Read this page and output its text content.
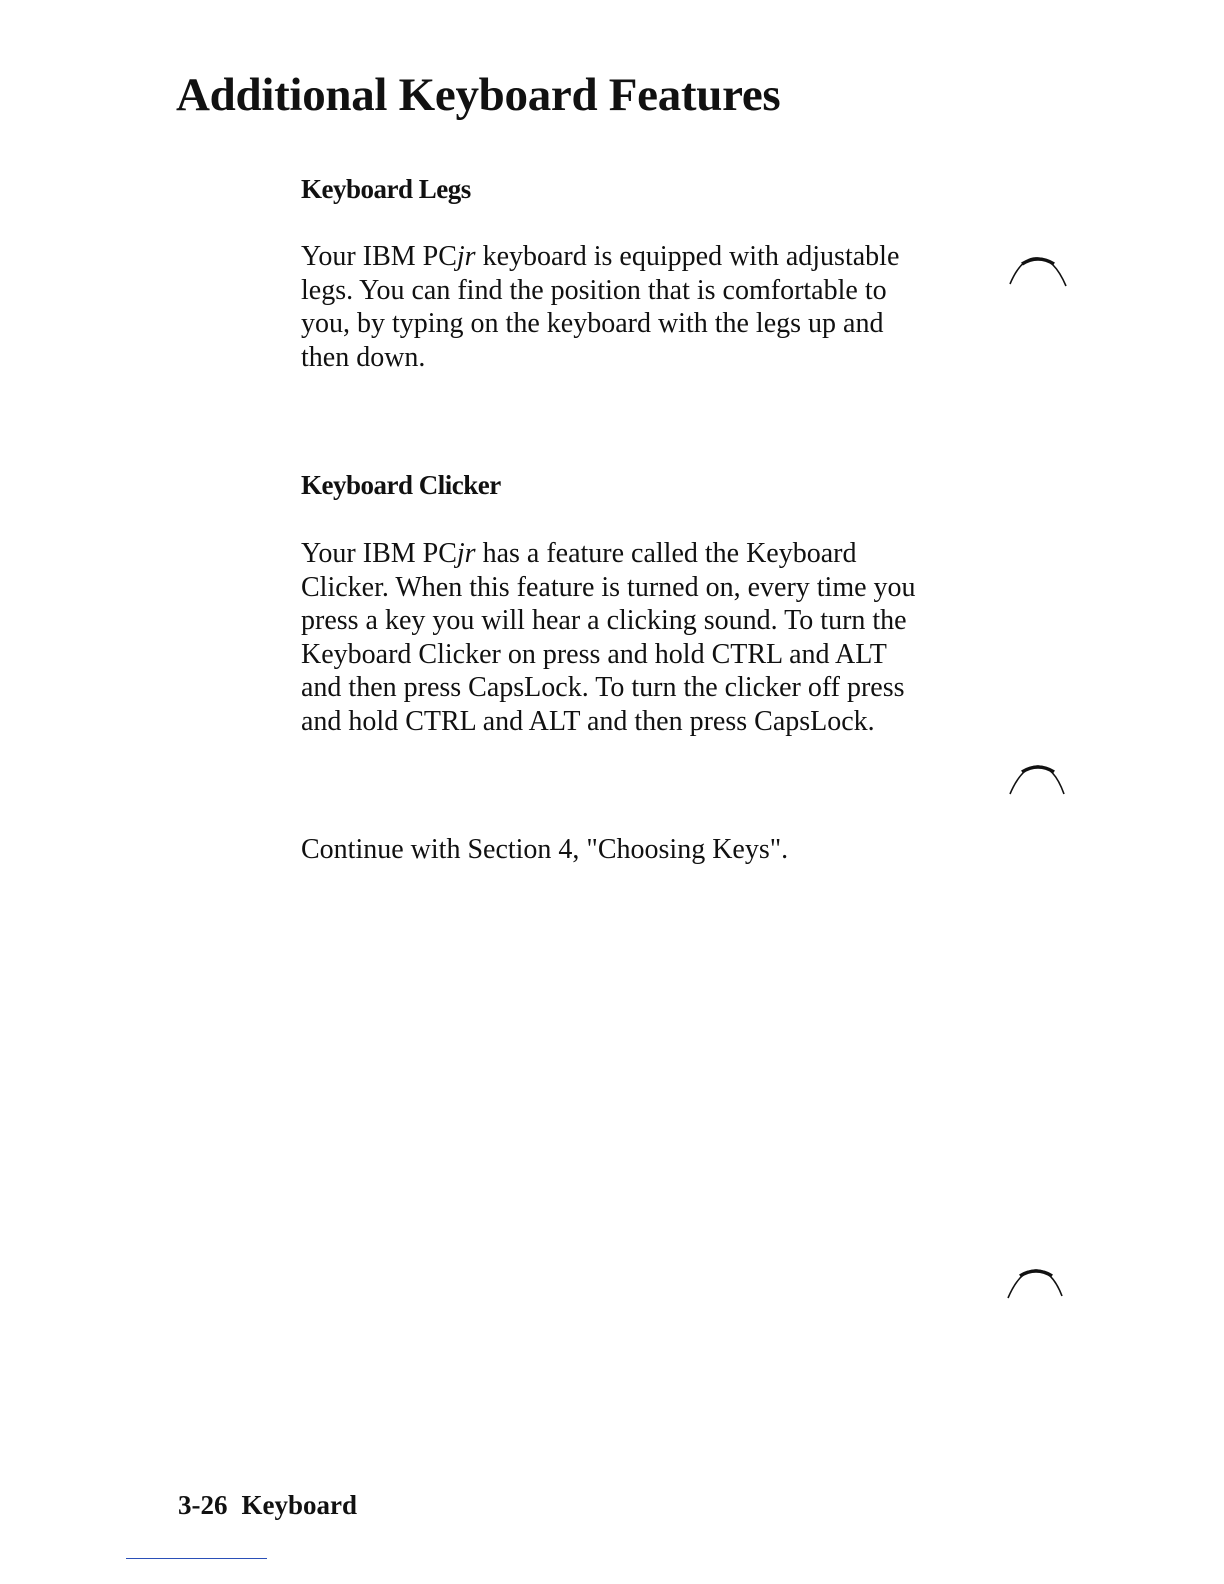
Additional Keyboard Features
Keyboard Legs

Your IBM PCjr keyboard is equipped with adjustable
legs. You can find the position that is comfortable to
you, by typing on the keyboard with the legs up and
then down.

Keyboard Clicker

Your IBM PCjr has a feature called the Keyboard
Clicker. When this feature is turned on, every time you
press a key you will hear a clicking sound. To turn the
Keyboard Clicker on press and hold CTRL and ALT
and then press CapsLock. To turn the clicker off press
and hold CTRL and ALT and then press CapsLock.

Continue with Section 4, "Choosing Keys".

3-26 Keyboard
